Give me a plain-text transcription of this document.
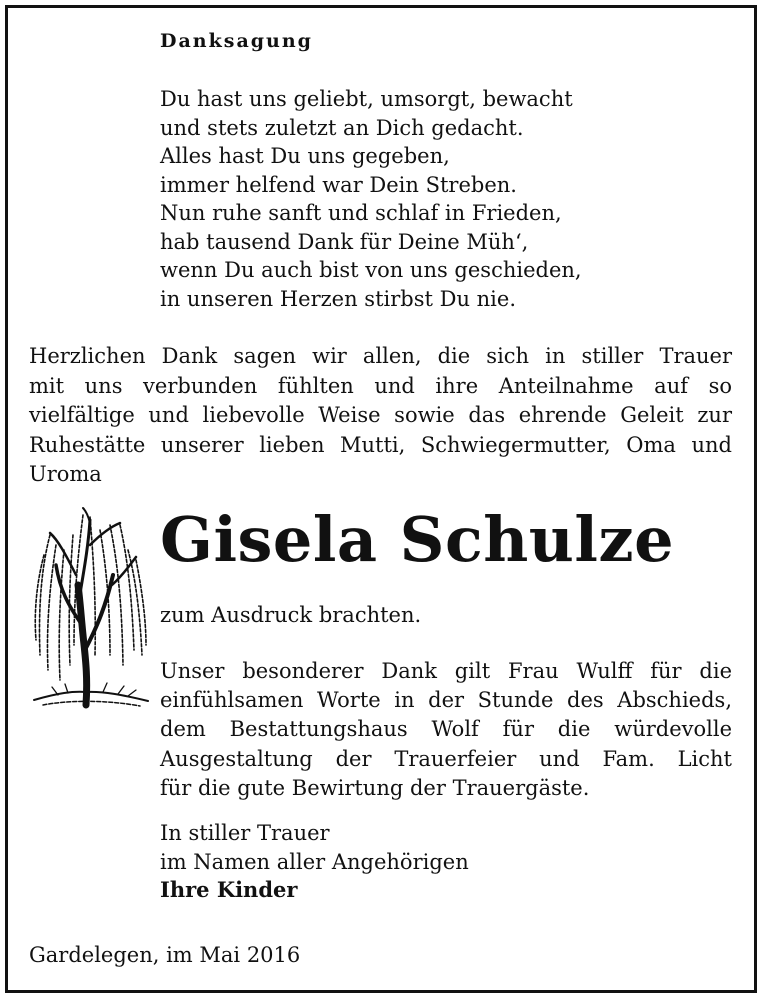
Danksagung
Du hast uns geliebt, umsorgt, bewacht
und stets zuletzt an Dich gedacht.
Alles hast Du uns gegeben,
immer helfend war Dein Streben.
Nun ruhe sanft und schlaf in Frieden,
hab tausend Dank für Deine Müh‘,
wenn Du auch bist von uns geschieden,
in unseren Herzen stirbst Du nie.
Herzlichen Dank sagen wir allen, die sich in stiller Trauer
mit uns verbunden fühlten und ihre Anteilnahme auf so
vielfältige und liebevolle Weise sowie das ehrende Geleit zur
Ruhestätte unserer lieben Mutti, Schwiegermutter, Oma und
Uroma
Gisela Schulze
zum Ausdruck brachten.
Unser besonderer Dank gilt Frau Wulff für die
einfühlsamen Worte in der Stunde des Abschieds,
dem Bestattungshaus Wolf für die würdevolle
Ausgestaltung der Trauerfeier und Fam. Licht
für die gute Bewirtung der Trauergäste.
In stiller Trauer
im Namen aller Angehörigen
Ihre Kinder
Gardelegen, im Mai 2016
